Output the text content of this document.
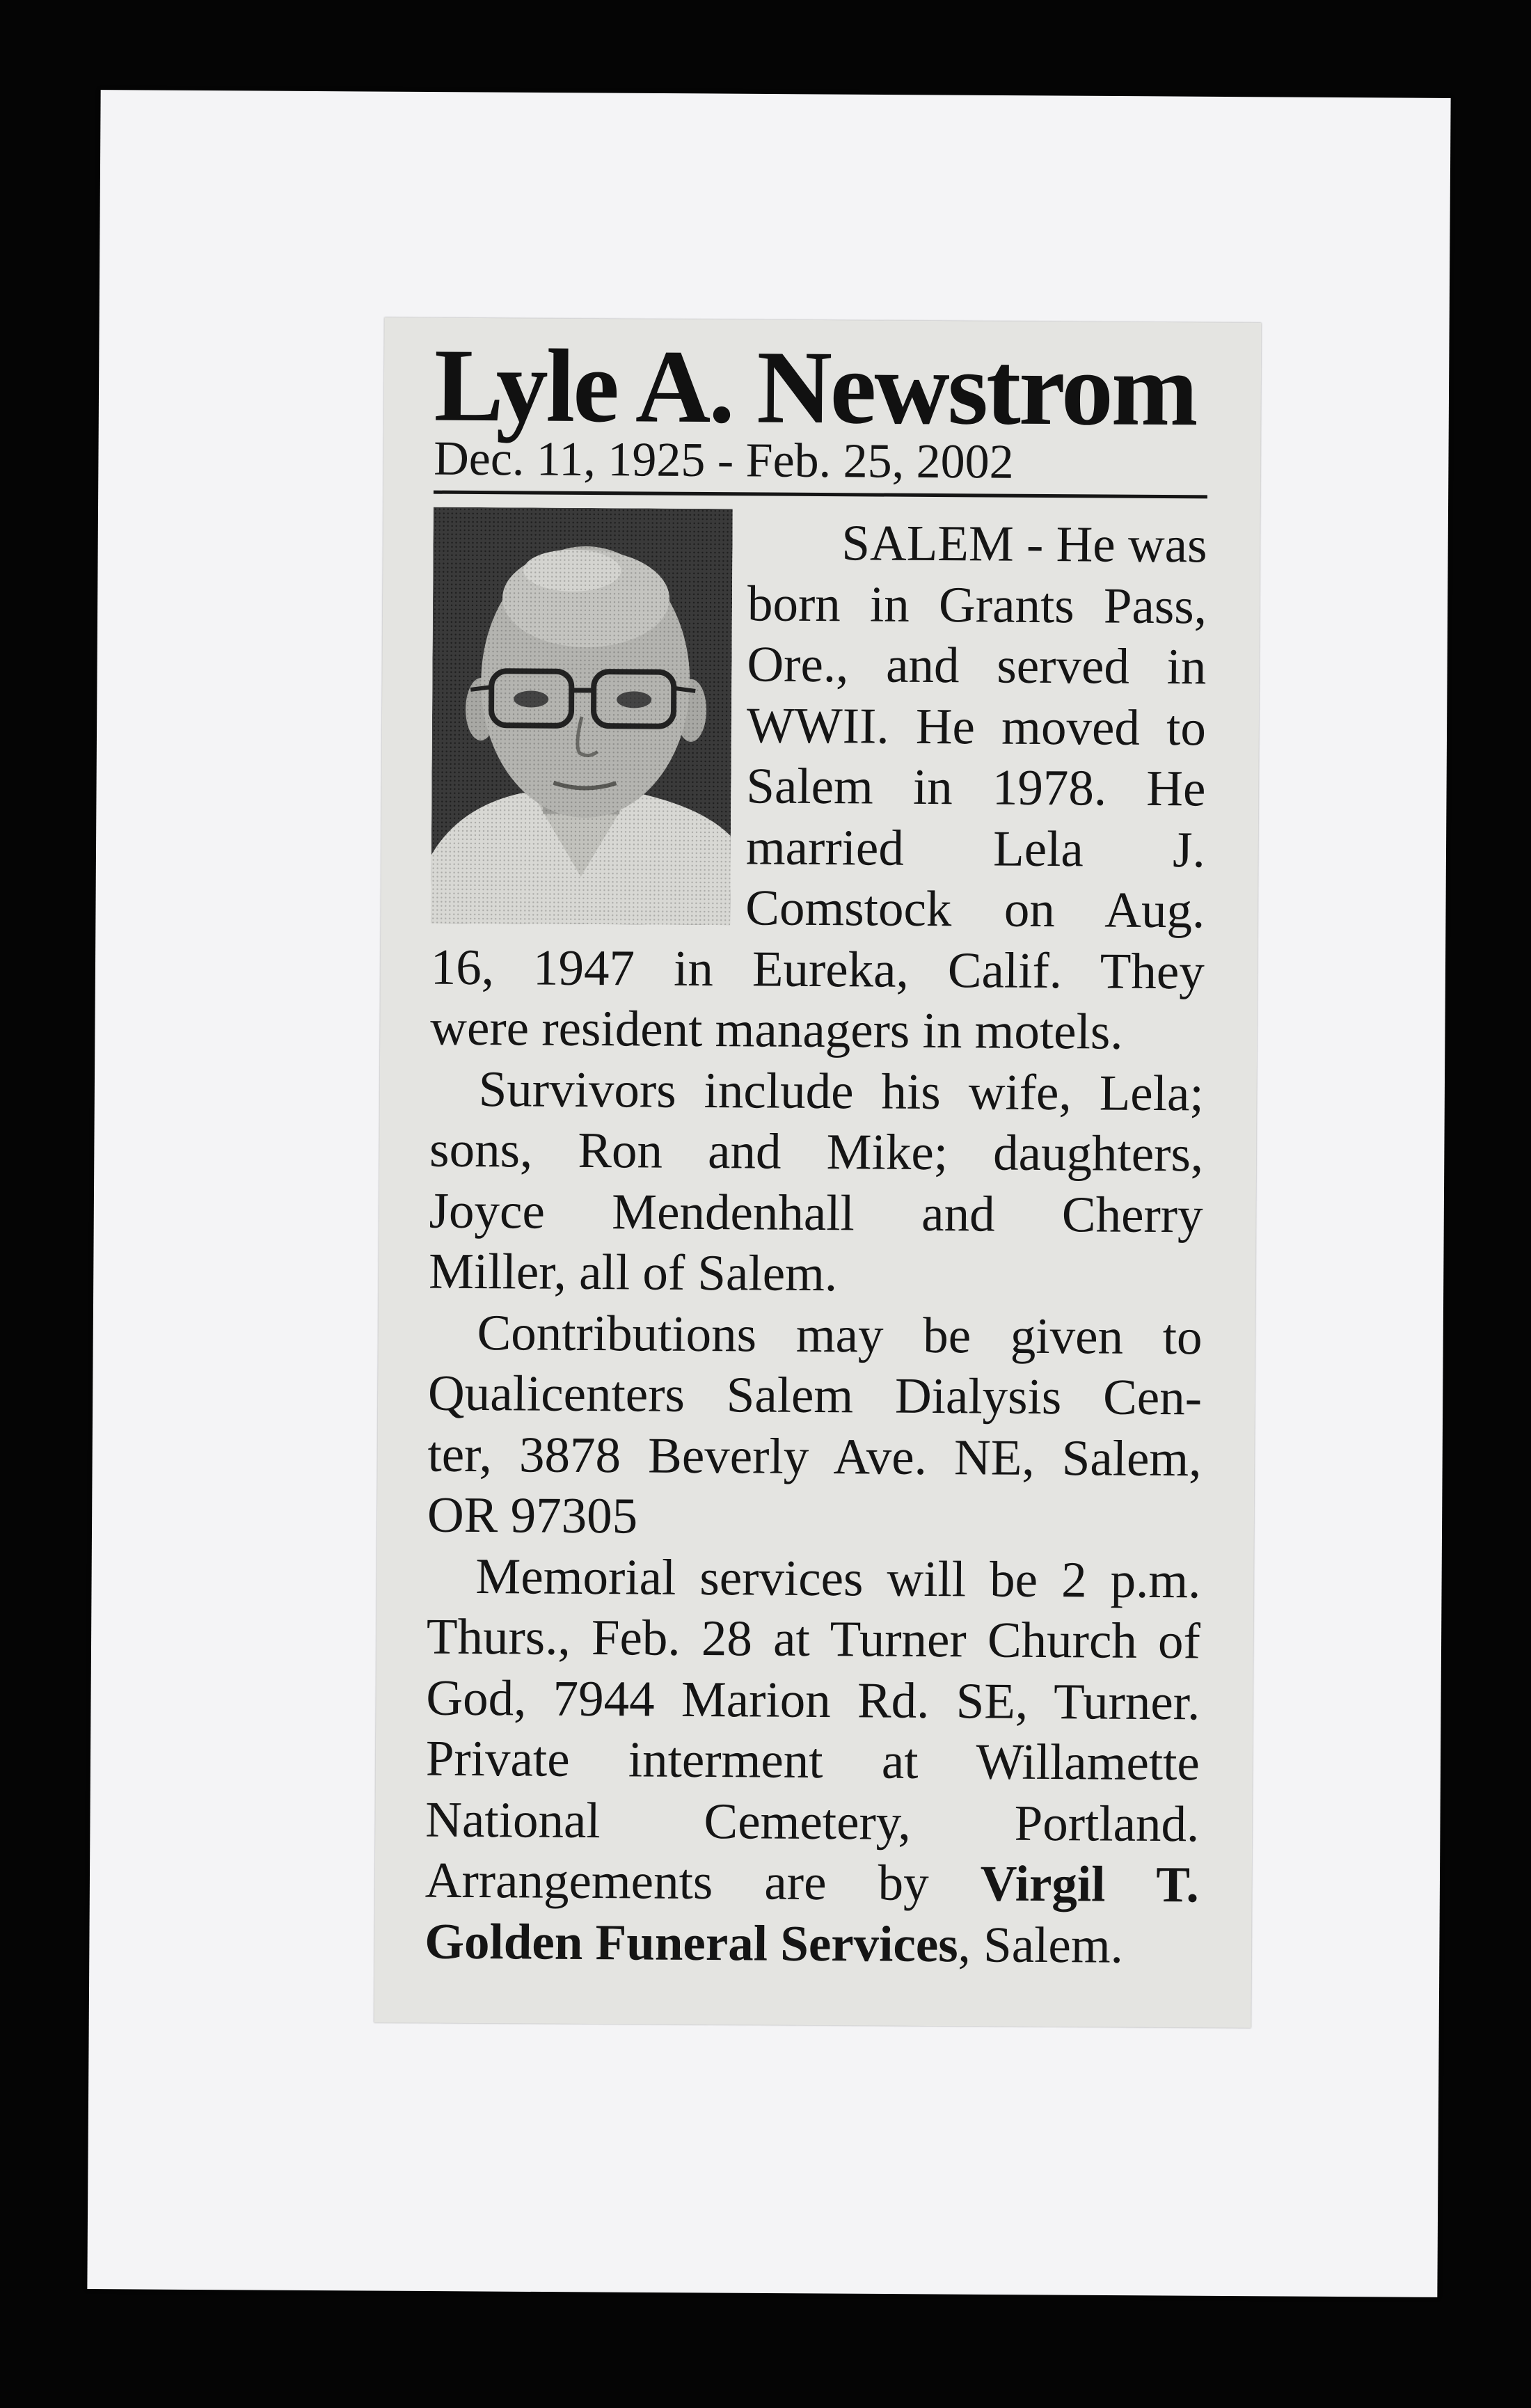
Lyle A. Newstrom
Dec. 11, 1925 - Feb. 25, 2002
SALEM - He was
born in Grants Pass,
Ore., and served in
WWII. He moved to
Salem in 1978. He
married Lela J.
Comstock on Aug.
16, 1947 in Eureka, Calif. They
were resident managers in motels.
Survivors include his wife, Lela;
sons, Ron and Mike; daughters,
Joyce Mendenhall and Cherry
Miller, all of Salem.
Contributions may be given to
Qualicenters Salem Dialysis Cen-
ter, 3878 Beverly Ave. NE, Salem,
OR 97305
Memorial services will be 2 p.m.
Thurs., Feb. 28 at Turner Church of
God, 7944 Marion Rd. SE, Turner.
Private interment at Willamette
National Cemetery, Portland.
Arrangements are by Virgil T.
Golden Funeral Services, Salem.
